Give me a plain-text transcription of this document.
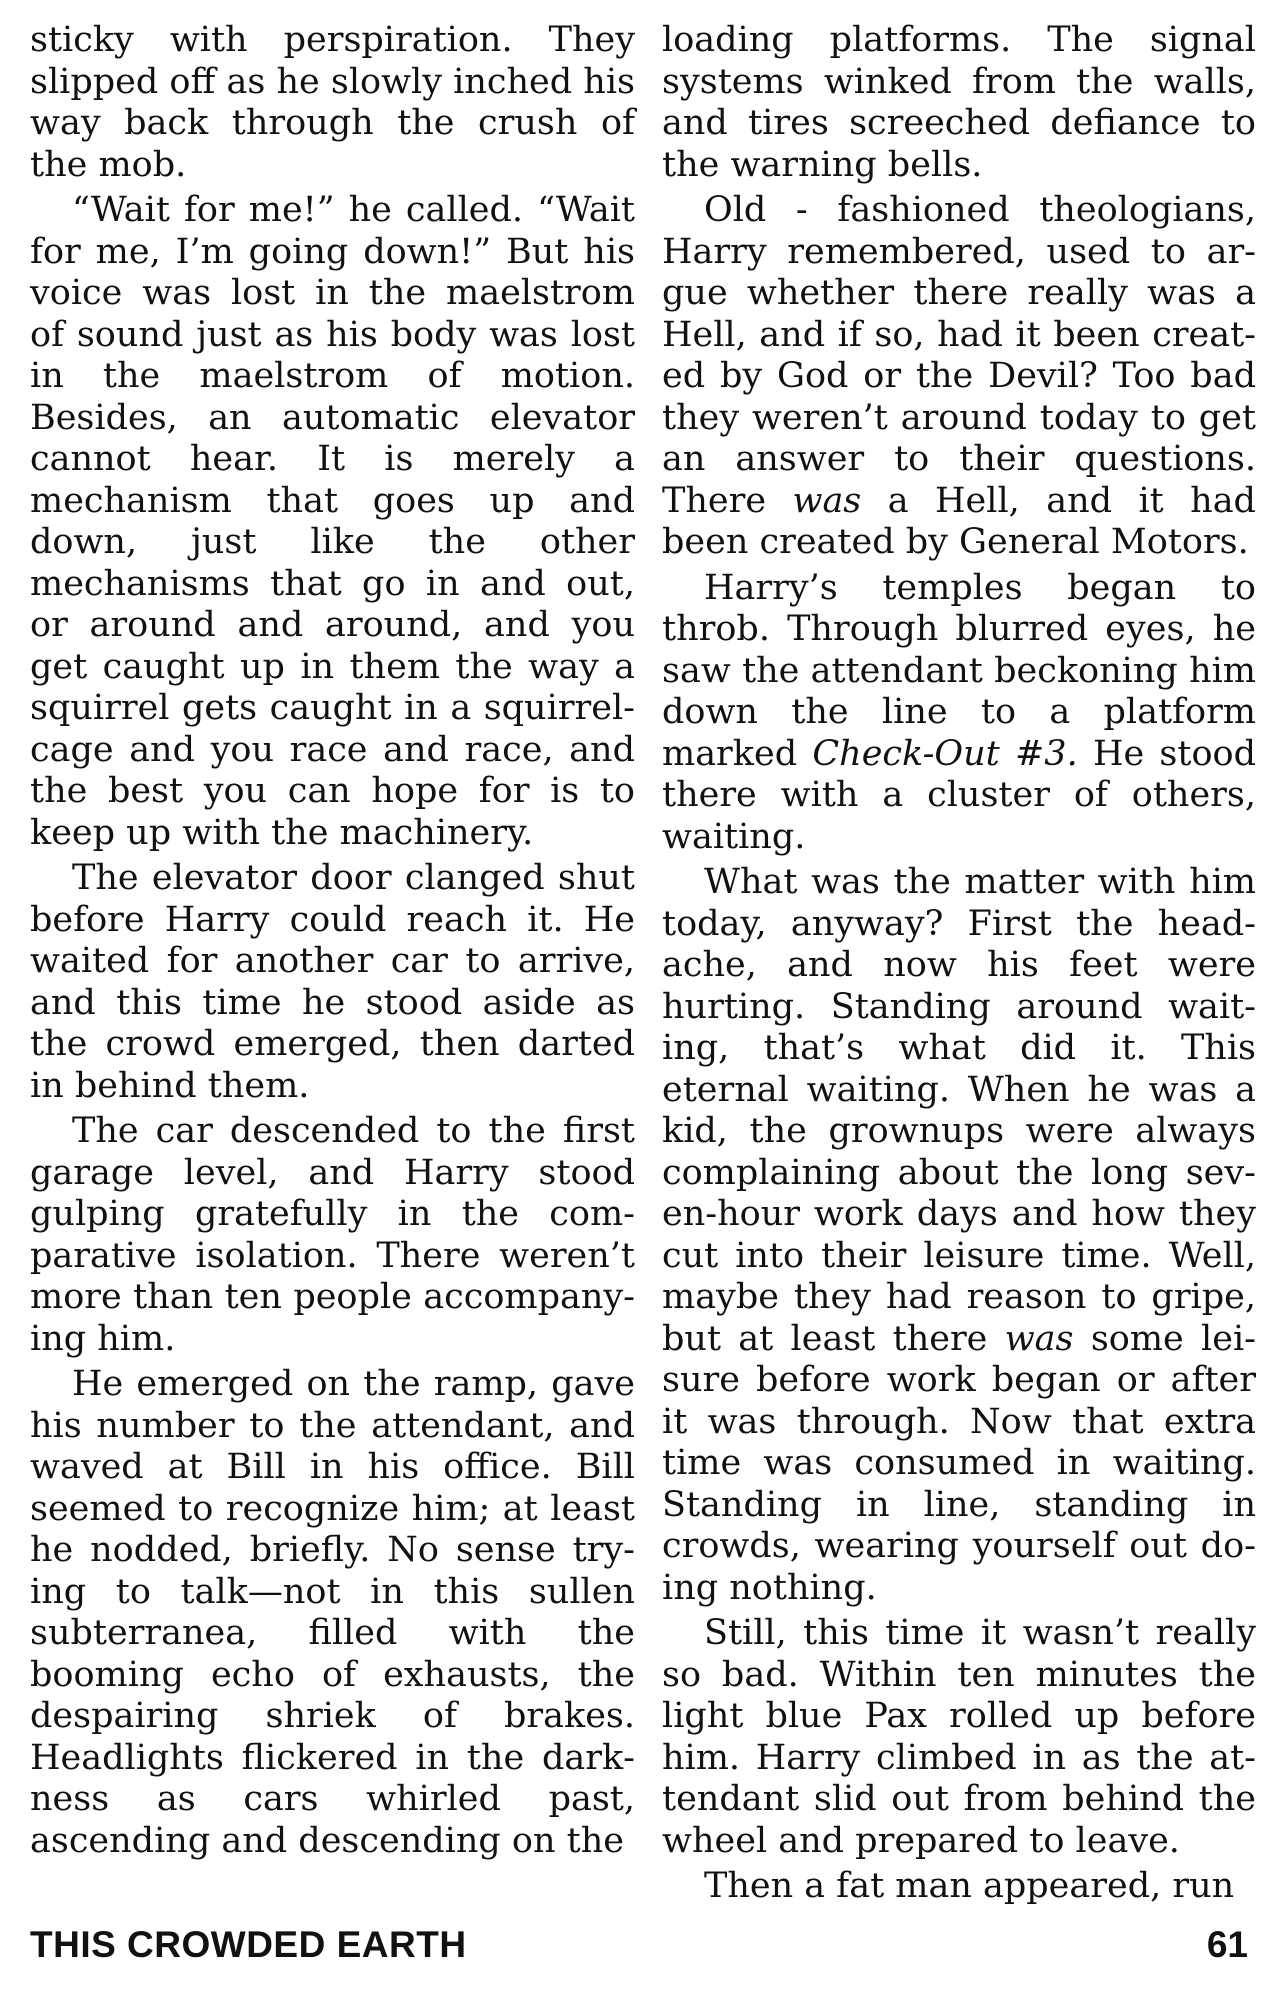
sticky with perspiration. They slipped off as he slowly inched his way back through the crush of the mob.

“Wait for me!” he called. “Wait for me, I’m going down!” But his voice was lost in the maelstrom of sound just as his body was lost in the maelstrom of motion. Besides, an automatic elevator cannot hear. It is merely a mechanism that goes up and down, just like the other mechanisms that go in and out, or around and around, and you get caught up in them the way a squirrel gets caught in a squirrel-cage and you race and race, and the best you can hope for is to keep up with the machinery.

The elevator door clanged shut before Harry could reach it. He waited for another car to arrive, and this time he stood aside as the crowd emerged, then darted in behind them.

The car descended to the first garage level, and Harry stood gulping gratefully in the comparative isolation. There weren’t more than ten people accompanying him.

He emerged on the ramp, gave his number to the attendant, and waved at Bill in his office. Bill seemed to recognize him; at least he nodded, briefly. No sense trying to talk—not in this sullen subterranea, filled with the booming echo of exhausts, the despairing shriek of brakes. Headlights flickered in the darkness as cars whirled past, ascending and descending on the

loading platforms. The signal systems winked from the walls, and tires screeched defiance to the warning bells.

Old - fashioned theologians, Harry remembered, used to argue whether there really was a Hell, and if so, had it been created by God or the Devil? Too bad they weren’t around today to get an answer to their questions. There was a Hell, and it had been created by General Motors.

Harry’s temples began to throb. Through blurred eyes, he saw the attendant beckoning him down the line to a platform marked Check-Out #3. He stood there with a cluster of others, waiting.

What was the matter with him today, anyway? First the headache, and now his feet were hurting. Standing around waiting, that’s what did it. This eternal waiting. When he was a kid, the grownups were always complaining about the long seven-hour work days and how they cut into their leisure time. Well, maybe they had reason to gripe, but at least there was some leisure before work began or after it was through. Now that extra time was consumed in waiting. Standing in line, standing in crowds, wearing yourself out doing nothing.

Still, this time it wasn’t really so bad. Within ten minutes the light blue Pax rolled up before him. Harry climbed in as the attendant slid out from behind the wheel and prepared to leave.

Then a fat man appeared, run

THIS CROWDED EARTH	61
